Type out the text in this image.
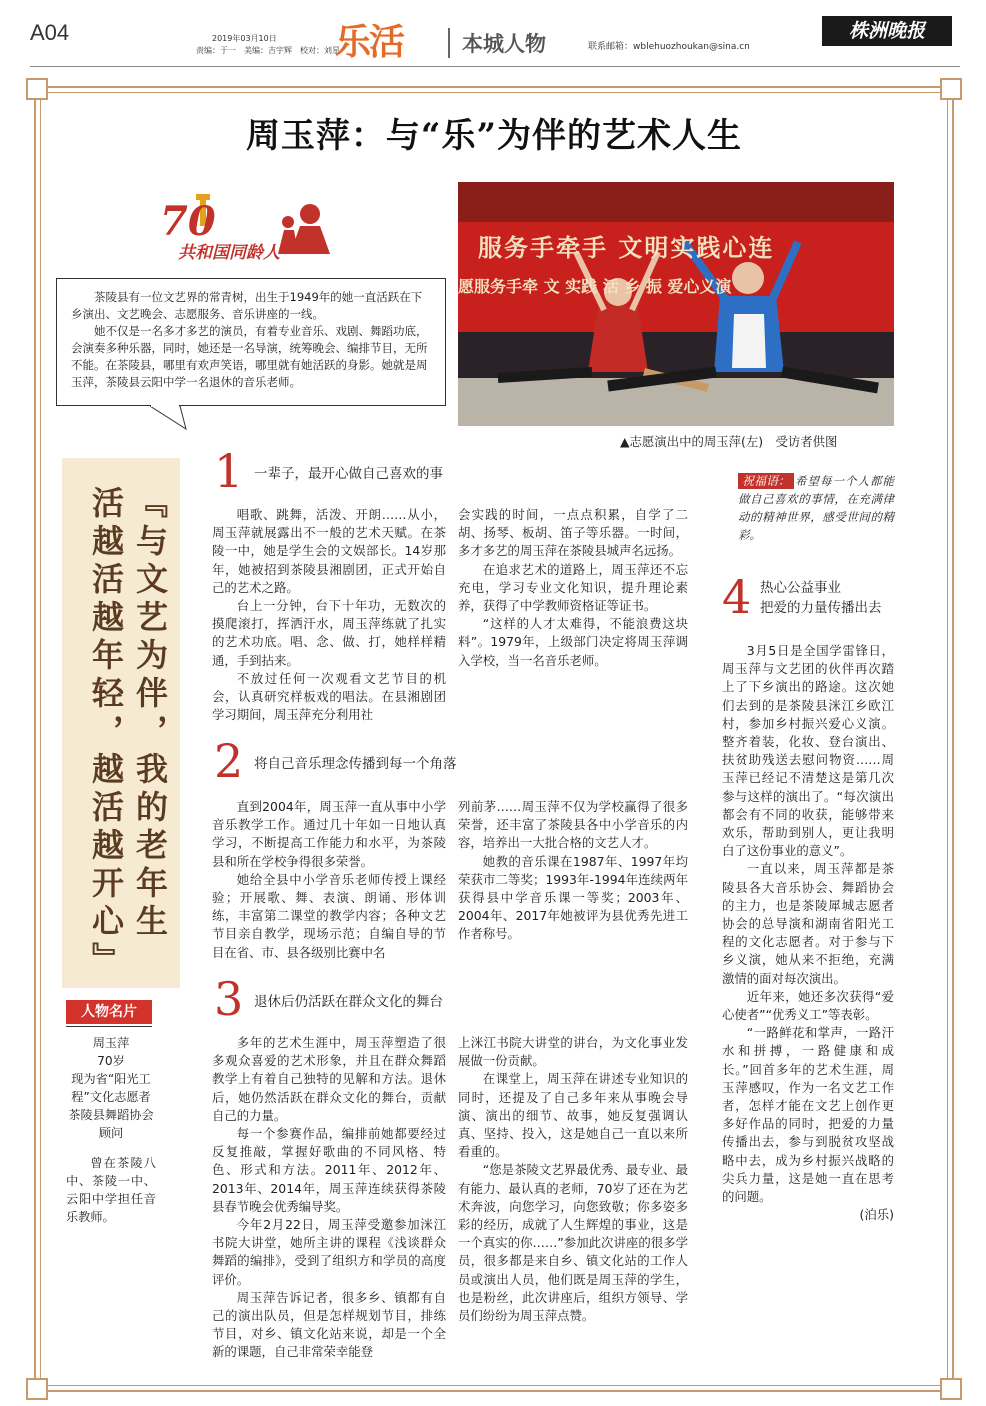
A04	2019年03月10日
责编：于一　美编：吉宇辉　校对：刘星
乐活	本城人物	联系邮箱：wblehuozhoukan@sina.cn
株洲晚报
周玉萍：与“乐”为伴的艺术人生
70
共和国同龄人	服务手牵手 文明实践心连
愿服务手牵 文 实践 活 乡 振 爱心义演
▲志愿演出中的周玉萍(左)　受访者供图

茶陵县有一位文艺界的常青树，出生于1949年的她一直活跃在下乡演出、文艺晚会、志愿服务、音乐讲座的一线。

她不仅是一名多才多艺的演员，有着专业音乐、戏剧、舞蹈功底，会演奏多种乐器，同时，她还是一名导演，统筹晚会、编排节目，无所不能。在茶陵县，哪里有欢声笑语，哪里就有她活跃的身影。她就是周玉萍，茶陵县云阳中学一名退休的音乐老师。

『与文艺为伴，我的老年生活越活越年轻，越活越开心』
人物名片
周玉萍
70岁
现为省“阳光工程”文化志愿者
茶陵县舞蹈协会顾问
曾在茶陵八中、茶陵一中、云阳中学担任音乐教师。
1 一辈子，最开心做自己喜欢的事

唱歌、跳舞，活泼、开朗……从小，周玉萍就展露出不一般的艺术天赋。在茶陵一中，她是学生会的文娱部长。14岁那年，她被招到茶陵县湘剧团，正式开始自己的艺术之路。

台上一分钟，台下十年功，无数次的摸爬滚打，挥洒汗水，周玉萍练就了扎实的艺术功底。唱、念、做、打，她样样精通，手到拈来。

不放过任何一次观看文艺节目的机会，认真研究样板戏的唱法。在县湘剧团学习期间，周玉萍充分利用社

会实践的时间，一点点积累，自学了二胡、扬琴、板胡、笛子等乐器。一时间，多才多艺的周玉萍在茶陵县城声名远扬。

在追求艺术的道路上，周玉萍还不忘充电，学习专业文化知识，提升理论素养，获得了中学教师资格证等证书。

“这样的人才太难得，不能浪费这块料”。1979年，上级部门决定将周玉萍调入学校，当一名音乐老师。

2 将自己音乐理念传播到每一个角落

直到2004年，周玉萍一直从事中小学音乐教学工作。通过几十年如一日地认真学习，不断提高工作能力和水平，为茶陵县和所在学校争得很多荣誉。

她给全县中小学音乐老师传授上课经验；开展歌、舞、表演、朗诵、形体训练，丰富第二课堂的教学内容；各种文艺节目亲自教学，现场示范；自编自导的节目在省、市、县各级别比赛中名

列前茅……周玉萍不仅为学校赢得了很多荣誉，还丰富了茶陵县各中小学音乐的内容，培养出一大批合格的文艺人才。

她教的音乐课在1987年、1997年均荣获市二等奖；1993年-1994年连续两年获得县中学音乐课一等奖；2003年、2004年、2017年她被评为县优秀先进工作者称号。

3 退休后仍活跃在群众文化的舞台

多年的艺术生涯中，周玉萍塑造了很多观众喜爱的艺术形象，并且在群众舞蹈教学上有着自己独特的见解和方法。退休后，她仍然活跃在群众文化的舞台，贡献自己的力量。

每一个参赛作品，编排前她都要经过反复推敲，掌握好歌曲的不同风格、特色、形式和方法。2011年、2012年、2013年、2014年，周玉萍连续获得茶陵县春节晚会优秀编导奖。

今年2月22日，周玉萍受邀参加洣江书院大讲堂，她所主讲的课程《浅谈群众舞蹈的编排》，受到了组织方和学员的高度评价。

周玉萍告诉记者，很多乡、镇都有自己的演出队员，但是怎样规划节目，排练节目，对乡、镇文化站来说，却是一个全新的课题，自己非常荣幸能登

上洣江书院大讲堂的讲台，为文化事业发展做一份贡献。

在课堂上，周玉萍在讲述专业知识的同时，还提及了自己多年来从事晚会导演、演出的细节、故事，她反复强调认真、坚持、投入，这是她自己一直以来所看重的。

“您是茶陵文艺界最优秀、最专业、最有能力、最认真的老师，70岁了还在为艺术奔波，向您学习，向您致敬；你多姿多彩的经历，成就了人生辉煌的事业，这是一个真实的你……”参加此次讲座的很多学员，很多都是来自乡、镇文化站的工作人员或演出人员，他们既是周玉萍的学生，也是粉丝，此次讲座后，组织方领导、学员们纷纷为周玉萍点赞。

祝福语： 希望每一个人都能做自己喜欢的事情，在充满律动的精神世界，感受世间的精彩。
4 热心公益事业
把爱的力量传播出去

3月5日是全国学雷锋日，周玉萍与文艺团的伙伴再次踏上了下乡演出的路途。这次她们去到的是茶陵县洣江乡欧江村，参加乡村振兴爱心义演。整齐着装，化妆、登台演出、扶贫助残送去慰问物资……周玉萍已经记不清楚这是第几次参与这样的演出了。“每次演出都会有不同的收获，能够带来欢乐，帮助到别人，更让我明白了这份事业的意义”。

一直以来，周玉萍都是茶陵县各大音乐协会、舞蹈协会的主力，也是茶陵犀城志愿者协会的总导演和湖南省阳光工程的文化志愿者。对于参与下乡义演，她从来不拒绝，充满激情的面对每次演出。

近年来，她还多次获得“爱心使者”“优秀义工”等表彰。

“一路鲜花和掌声，一路汗水和拼搏，一路健康和成长。”回首多年的艺术生涯，周玉萍感叹，作为一名文艺工作者，怎样才能在文艺上创作更多好作品的同时，把爱的力量传播出去，参与到脱贫攻坚战略中去，成为乡村振兴战略的尖兵力量，这是她一直在思考的问题。

(泊乐)
